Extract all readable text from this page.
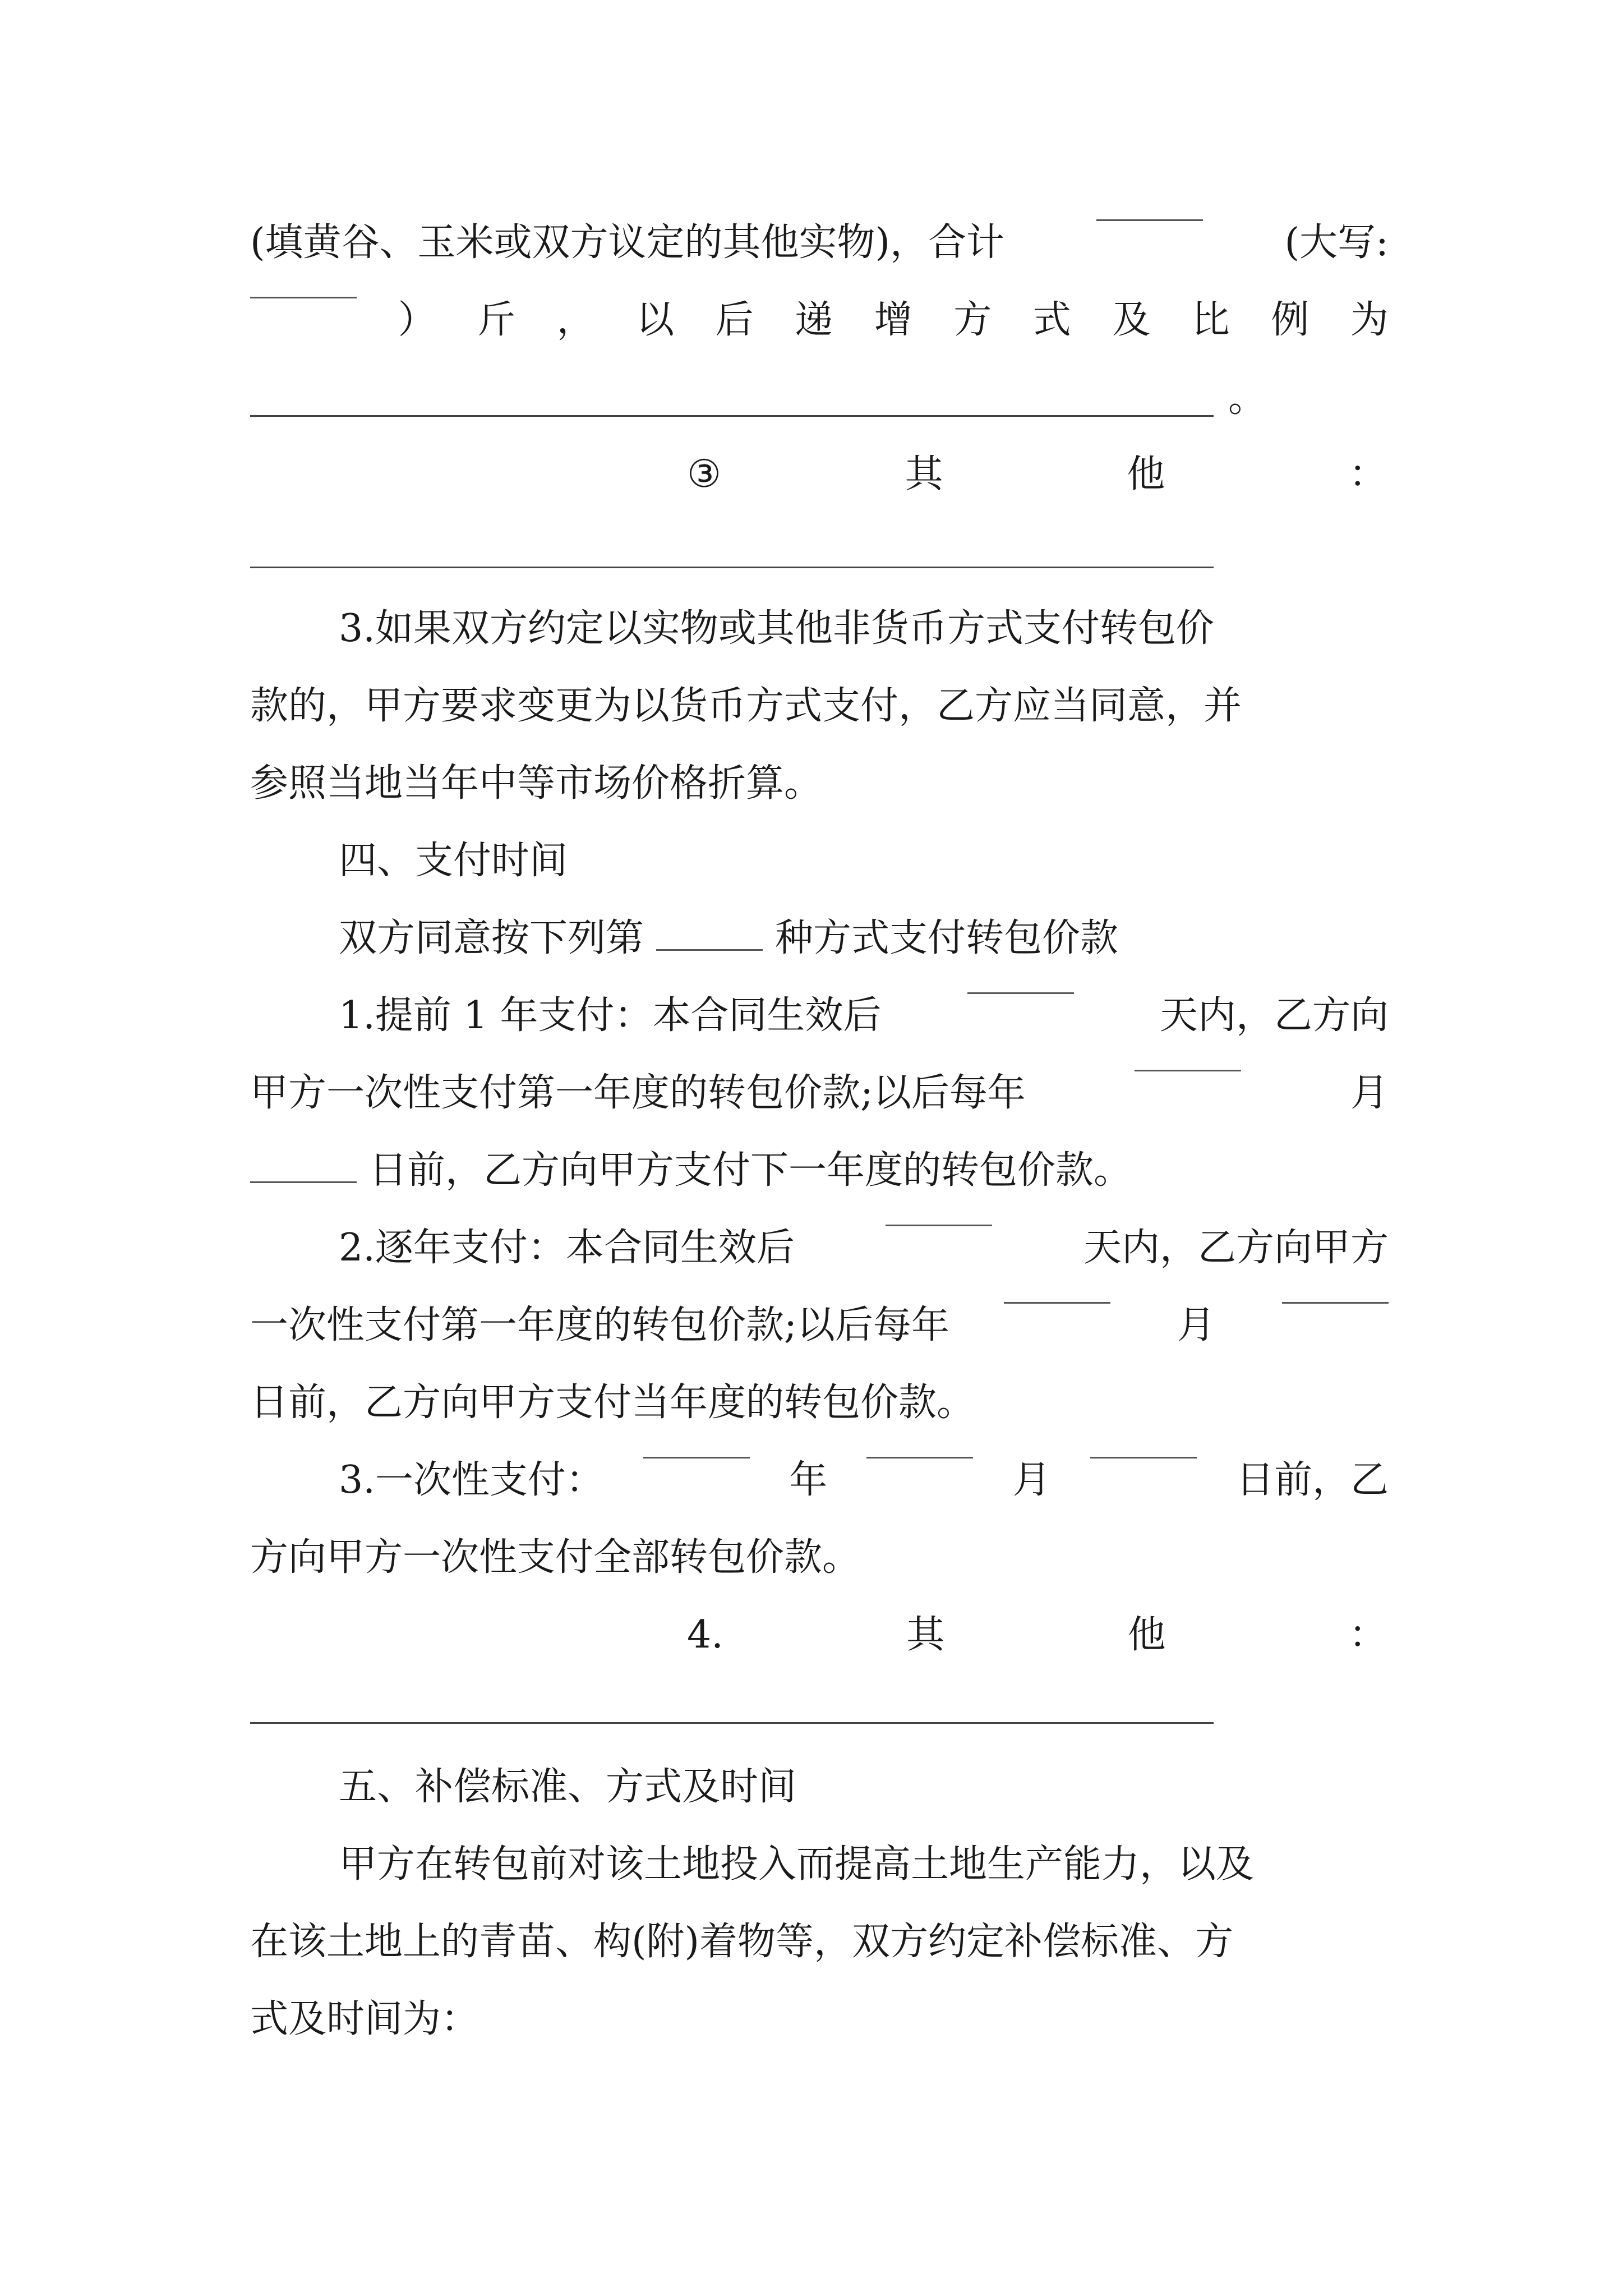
(填黄谷、玉米或双方议定的其他实物)，合计	(大写:
） 斤 ， 以 后 递 增 方 式 及 比 例 为
。
③	其	他	：
3.如果双方约定以实物或其他非货币方式支付转包价
款的，甲方要求变更为以货币方式支付，乙方应当同意，并
参照当地当年中等市场价格折算。
四、支付时间
双方同意按下列第	种方式支付转包价款
1.提前 1 年支付：本合同生效后	天内，乙方向
甲方一次性支付第一年度的转包价款;以后每年	月
日前，乙方向甲方支付下一年度的转包价款。
2.逐年支付：本合同生效后	天内，乙方向甲方
一次性支付第一年度的转包价款;以后每年	月
日前，乙方向甲方支付当年度的转包价款。
3.一次性支付：	年	月	日前，乙
方向甲方一次性支付全部转包价款。
4.	其	他	：
五、补偿标准、方式及时间
甲方在转包前对该土地投入而提高土地生产能力，以及
在该土地上的青苗、构(附)着物等，双方约定补偿标准、方
式及时间为：
